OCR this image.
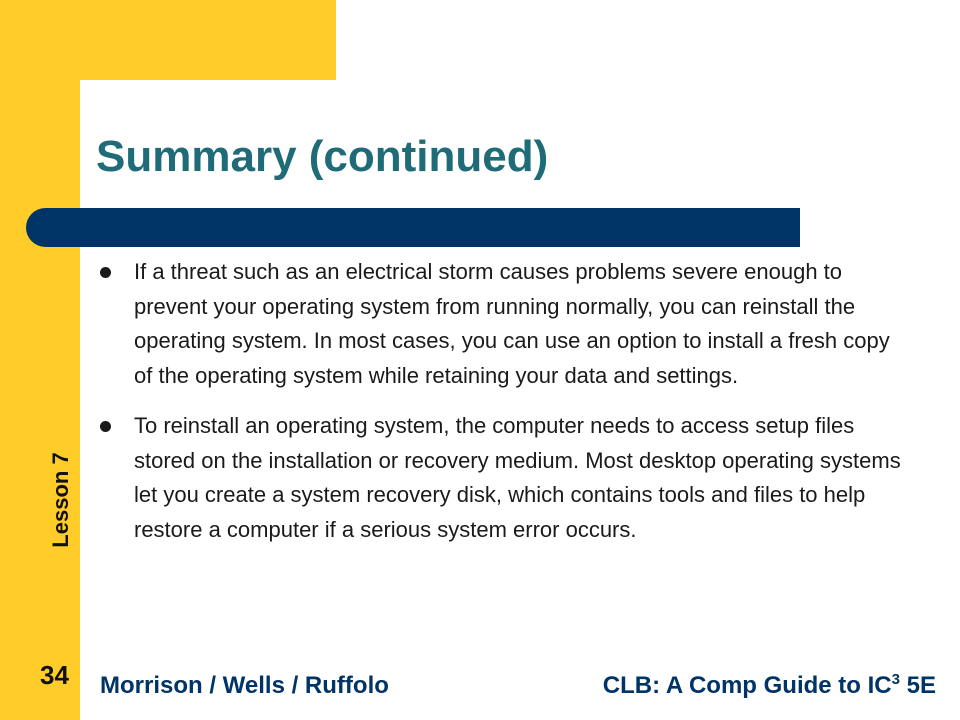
Summary (continued)
If a threat such as an electrical storm causes problems severe enough to prevent your operating system from running normally, you can reinstall the operating system. In most cases, you can use an option to install a fresh copy of the operating system while retaining your data and settings.
To reinstall an operating system, the computer needs to access setup files stored on the installation or recovery medium. Most desktop operating systems let you create a system recovery disk, which contains tools and files to help restore a computer if a serious system error occurs.
Lesson 7
34 Morrison / Wells / Ruffolo	CLB: A Comp Guide to $IC^3$ 5E
